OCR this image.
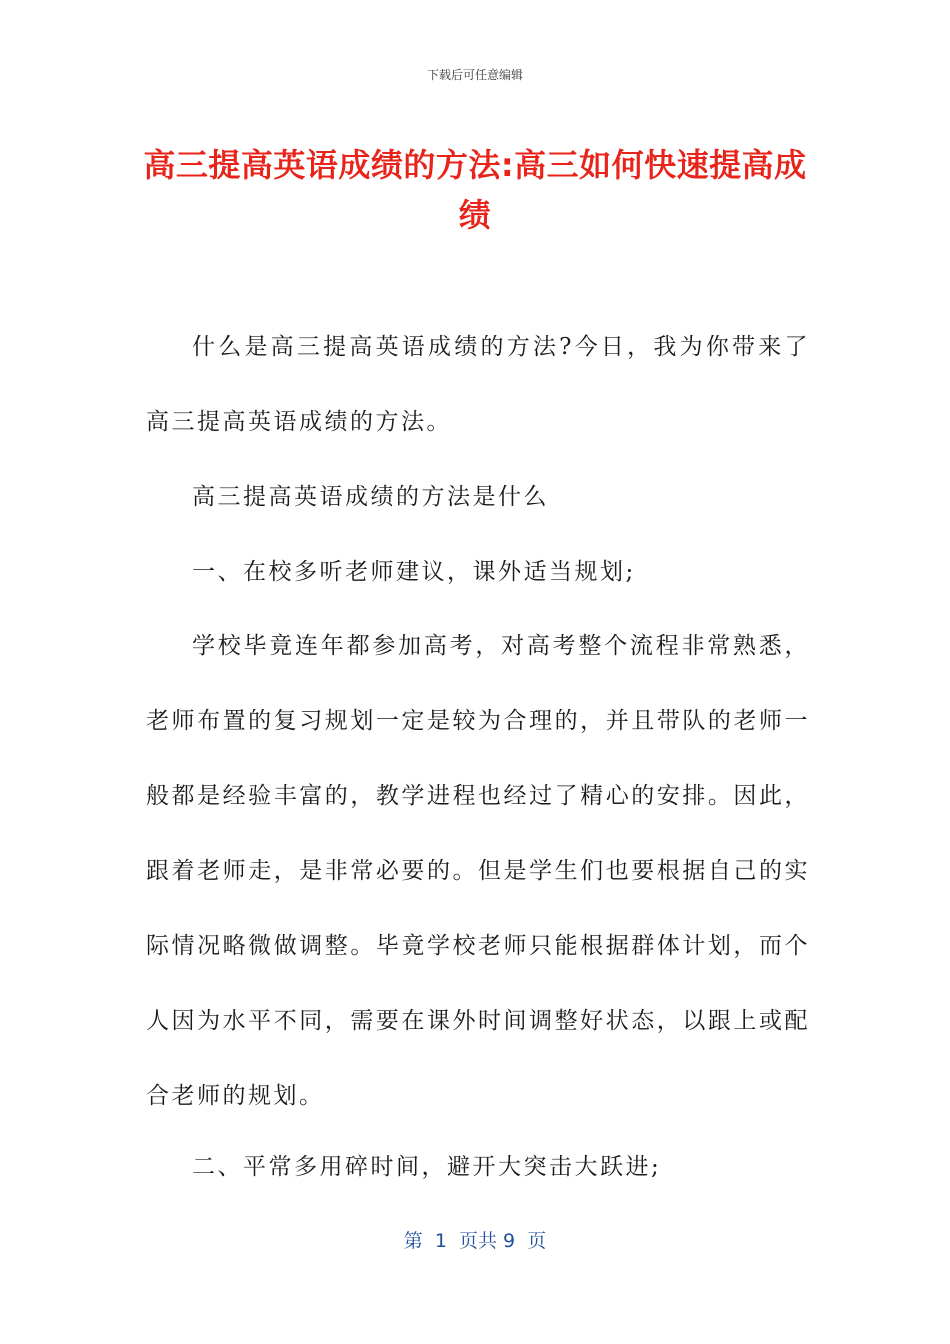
下载后可任意编辑
高三提高英语成绩的方法:高三如何快速提高成绩

什么是高三提高英语成绩的方法?今日，我为你带来了高三提高英语成绩的方法。

高三提高英语成绩的方法是什么

一、在校多听老师建议，课外适当规划;

学校毕竟连年都参加高考，对高考整个流程非常熟悉，老师布置的复习规划一定是较为合理的，并且带队的老师一般都是经验丰富的，教学进程也经过了精心的安排。因此，跟着老师走，是非常必要的。但是学生们也要根据自己的实际情况略微做调整。毕竟学校老师只能根据群体计划，而个人因为水平不同，需要在课外时间调整好状态，以跟上或配合老师的规划。

二、平常多用碎时间，避开大突击大跃进;

第  1  页共 9  页
